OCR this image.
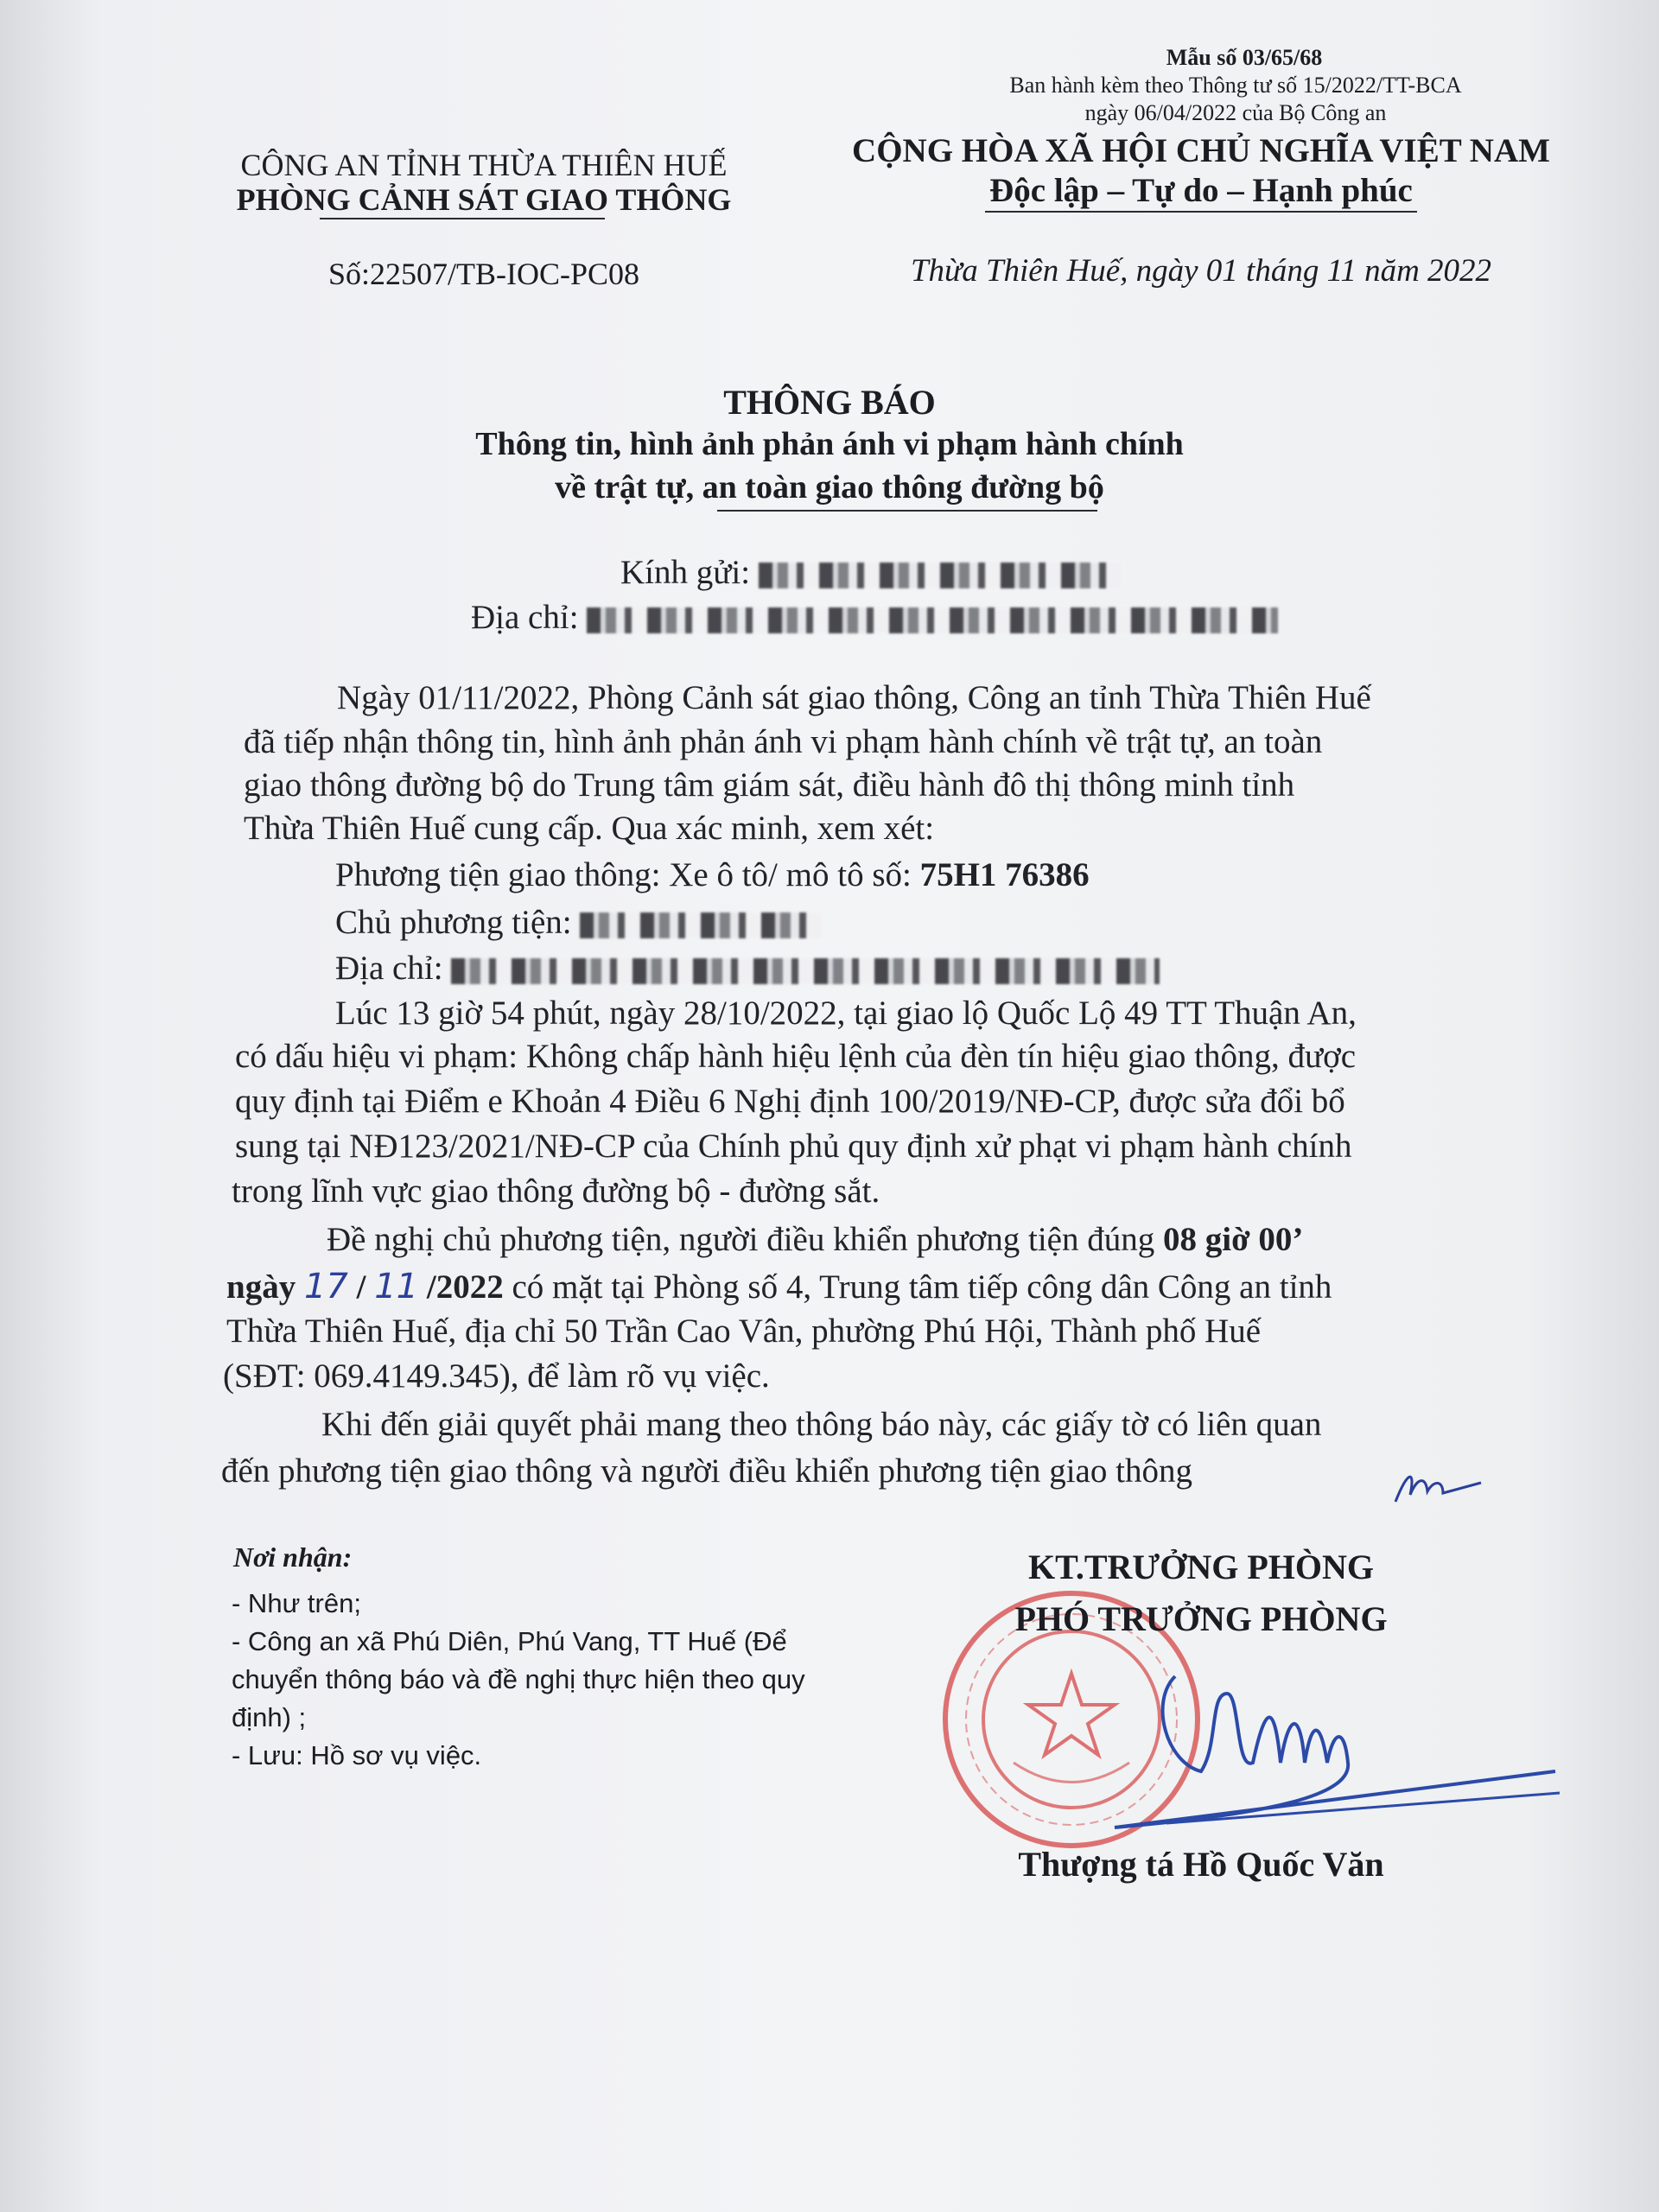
Mẫu số 03/65/68
Ban hành kèm theo Thông tư số 15/2022/TT-BCA
ngày 06/04/2022 của Bộ Công an
CÔNG AN TỈNH THỪA THIÊN HUẾ
PHÒNG CẢNH SÁT GIAO THÔNG
Số:22507/TB-IOC-PC08
CỘNG HÒA XÃ HỘI CHỦ NGHĨA VIỆT NAM
Độc lập – Tự do – Hạnh phúc
Thừa Thiên Huế, ngày 01 tháng 11 năm 2022
THÔNG BÁO
Thông tin, hình ảnh phản ánh vi phạm hành chính
về trật tự, an toàn giao thông đường bộ
Kính gửi:
Địa chỉ:
Ngày 01/11/2022, Phòng Cảnh sát giao thông, Công an tỉnh Thừa Thiên Huế
đã tiếp nhận thông tin, hình ảnh phản ánh vi phạm hành chính về trật tự, an toàn
giao thông đường bộ do Trung tâm giám sát, điều hành đô thị thông minh tỉnh
Thừa Thiên Huế cung cấp. Qua xác minh, xem xét:
Phương tiện giao thông: Xe ô tô/ mô tô số: 75H1 76386
Chủ phương tiện:
Địa chỉ:
Lúc 13 giờ 54 phút, ngày 28/10/2022, tại giao lộ Quốc Lộ 49 TT Thuận An,
có dấu hiệu vi phạm: Không chấp hành hiệu lệnh của đèn tín hiệu giao thông, được
quy định tại Điểm e Khoản 4 Điều 6 Nghị định 100/2019/NĐ-CP, được sửa đổi bổ
sung tại NĐ123/2021/NĐ-CP của Chính phủ quy định xử phạt vi phạm hành chính
trong lĩnh vực giao thông đường bộ - đường sắt.
Đề nghị chủ phương tiện, người điều khiển phương tiện đúng 08 giờ 00’
ngày 17 / 11 /2022 có mặt tại Phòng số 4, Trung tâm tiếp công dân Công an tỉnh
Thừa Thiên Huế, địa chỉ 50 Trần Cao Vân, phường Phú Hội, Thành phố Huế
(SĐT: 069.4149.345), để làm rõ vụ việc.
Khi đến giải quyết phải mang theo thông báo này, các giấy tờ có liên quan
đến phương tiện giao thông và người điều khiển phương tiện giao thông
Nơi nhận:
- Như trên;
- Công an xã Phú Diên, Phú Vang, TT Huế (Để
chuyển thông báo và đề nghị thực hiện theo quy
định) ;
- Lưu: Hồ sơ vụ việc.
KT.TRƯỞNG PHÒNG
PHÓ TRƯỞNG PHÒNG
Thượng tá Hồ Quốc Văn
